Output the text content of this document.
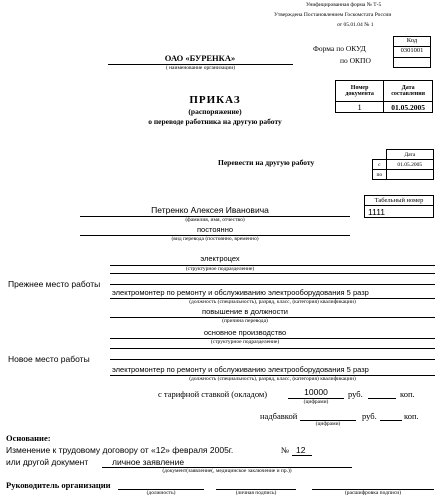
Унифицированная форма № Т-5
Утверждена Постановлением Госкомстата России
от 05.01.04 № 1
Код
0301001
Форма по ОКУД
по ОКПО
ОАО «БУРЕНКА»
( наименование организации)
Номер документа	Дата составления
1	01.05.2005
ПРИКАЗ
(распоряжение)
о переводе работника на другую работу
Перевести на другую работу
	Дата
с	01.05.2005
по	
Табельный номер
1111
Петренко Алексея Ивановича
(фамилия, имя, отчество)
постоянно
(вид перевода (постоянно, временно)
Прежнее место работы
электроцех
(структурное подразделение)
электромонтер по ремонту и обслуживанию электрооборудования 5 разр
(должность (специальность), разряд, класс, (категория) квалификации)
повышение в должности
(причина перевода)
Новое место работы
основное производство
(структурное подразделение)
электромонтер по ремонту и обслуживанию электрооборудования 5 разр
(должность (специальность), разряд, класс, (категория) квалификации)
с тарифной ставкой (окладом)	10000	руб.	коп.
(цифрами)
надбавкой	руб.	коп.
(цифрами)
Основание:
Изменение к трудовому договору от «12» февраля 2005г.	№ 12
или другой документ	личное заявление
(документ(заявление(, медицинское заключение и пр.))
Руководитель организации
(должность)	(личная подпись)	(расшифровка подписи)
